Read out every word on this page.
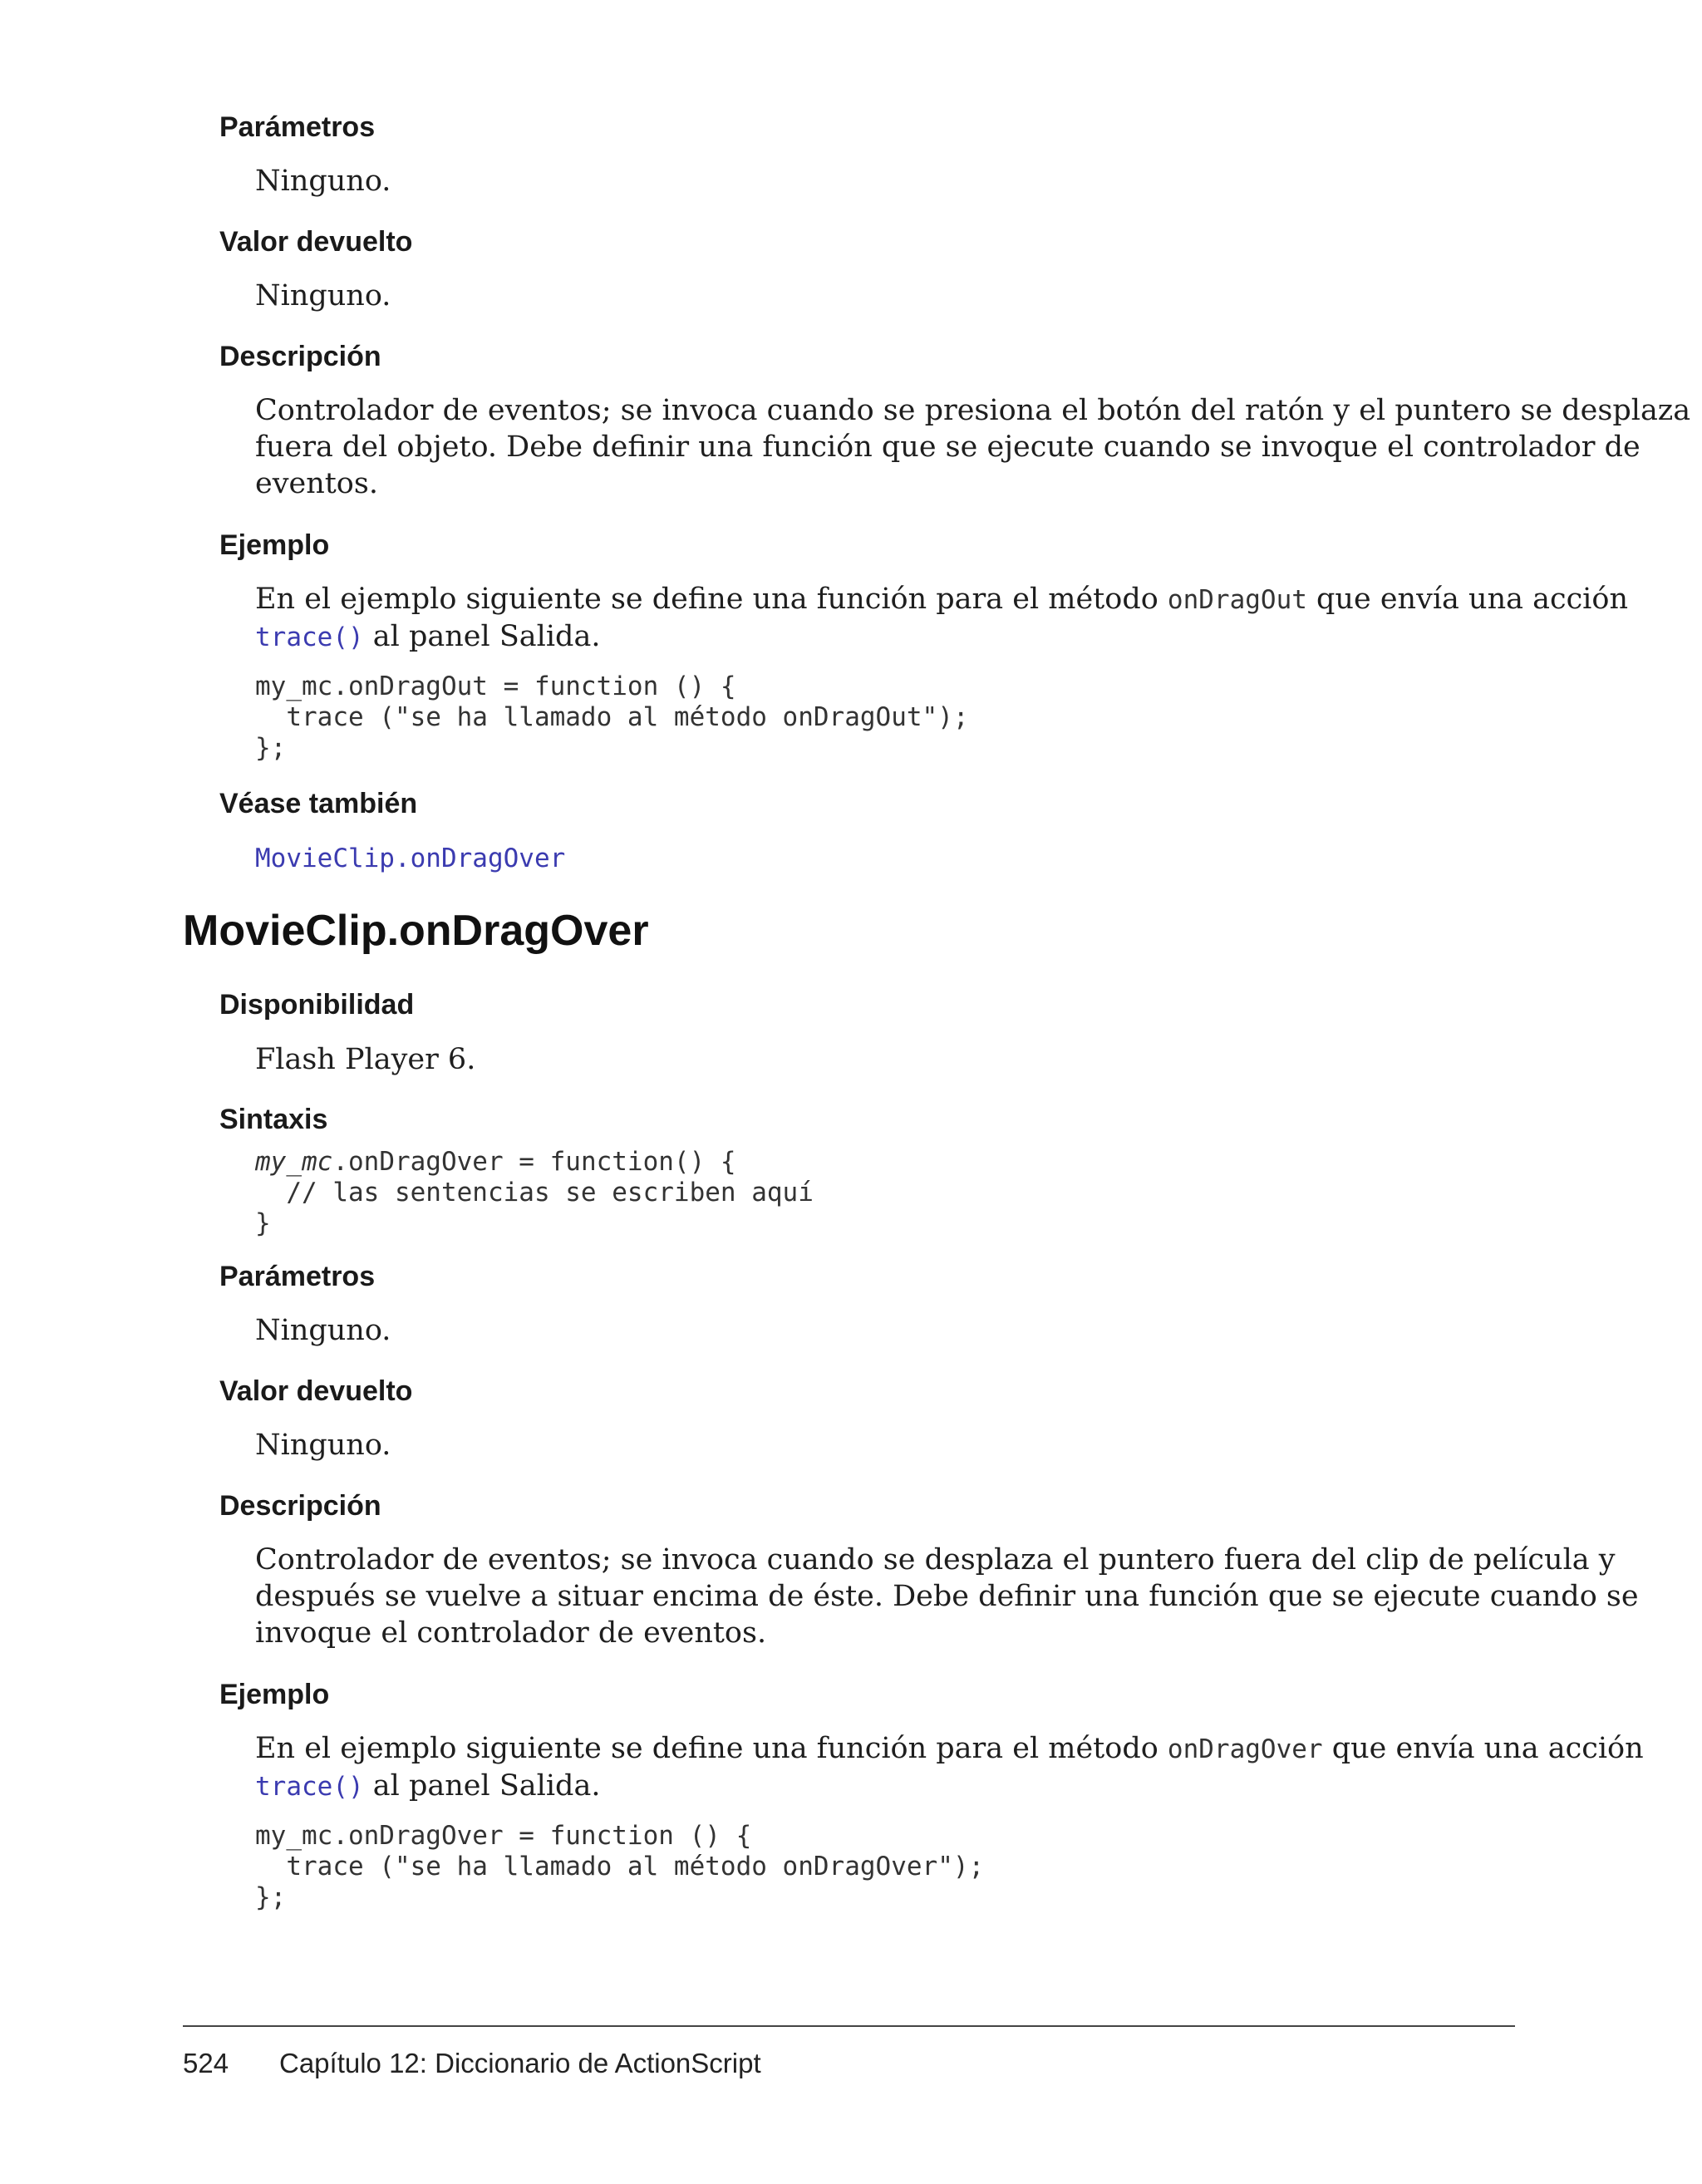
Parámetros
Ninguno.
Valor devuelto
Ninguno.
Descripción
Controlador de eventos; se invoca cuando se presiona el botón del ratón y el puntero se desplaza
fuera del objeto. Debe definir una función que se ejecute cuando se invoque el controlador de
eventos.
Ejemplo
En el ejemplo siguiente se define una función para el método onDragOut que envía una acción
trace() al panel Salida.
my_mc.onDragOut = function () {
trace ("se ha llamado al método onDragOut");
};
Véase también
MovieClip.onDragOver
MovieClip.onDragOver
Disponibilidad
Flash Player 6.
Sintaxis
my_mc.onDragOver = function() {
// las sentencias se escriben aquí
}
Parámetros
Ninguno.
Valor devuelto
Ninguno.
Descripción
Controlador de eventos; se invoca cuando se desplaza el puntero fuera del clip de película y
después se vuelve a situar encima de éste. Debe definir una función que se ejecute cuando se
invoque el controlador de eventos.
Ejemplo
En el ejemplo siguiente se define una función para el método onDragOver que envía una acción
trace() al panel Salida.
my_mc.onDragOver = function () {
trace ("se ha llamado al método onDragOver");
};
524 Capítulo 12: Diccionario de ActionScript
